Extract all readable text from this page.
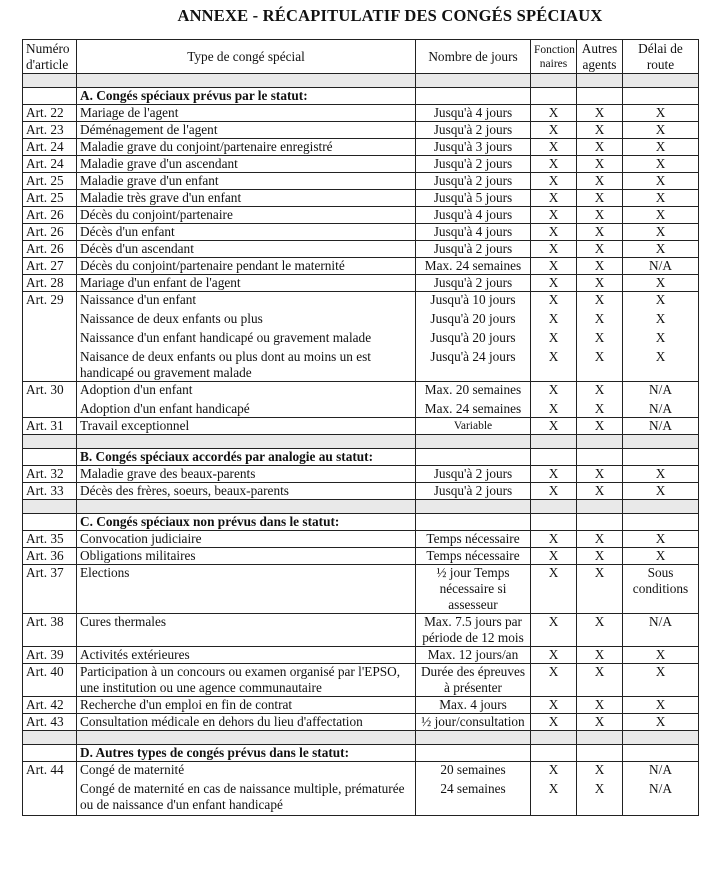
ANNEXE - RÉCAPITULATIF DES CONGÉS SPÉCIAUX
Numéro d'article	Type de congé spécial	Nombre de jours	Fonction naires	Autres agents	Délai de route

	A. Congés spéciaux prévus par le statut:				
Art. 22	Mariage de l'agent	Jusqu'à 4 jours	X	X	X
Art. 23	Déménagement de l'agent	Jusqu'à 2 jours	X	X	X
Art. 24	Maladie grave du conjoint/partenaire enregistré	Jusqu'à 3 jours	X	X	X
Art. 24	Maladie grave d'un ascendant	Jusqu'à 2 jours	X	X	X
Art. 25	Maladie grave d'un enfant	Jusqu'à 2 jours	X	X	X
Art. 25	Maladie très grave d'un enfant	Jusqu'à 5 jours	X	X	X
Art. 26	Décès du conjoint/partenaire	Jusqu'à 4 jours	X	X	X
Art. 26	Décès d'un enfant	Jusqu'à 4 jours	X	X	X
Art. 26	Décès d'un ascendant	Jusqu'à 2 jours	X	X	X
Art. 27	Décès du conjoint/partenaire pendant le maternité	Max. 24 semaines	X	X	N/A
Art. 28	Mariage d'un enfant de l'agent	Jusqu'à 2 jours	X	X	X
Art. 29	Naissance d'un enfant	Jusqu'à 10 jours	X	X	X
	Naissance de deux enfants ou plus	Jusqu'à 20 jours	X	X	X
	Naissance d'un enfant handicapé ou gravement malade	Jusqu'à 20 jours	X	X	X
	Naisance de deux enfants ou plus dont au moins un est handicapé ou gravement malade	Jusqu'à 24 jours	X	X	X
Art. 30	Adoption d'un enfant	Max. 20 semaines	X	X	N/A
	Adoption d'un enfant handicapé	Max. 24 semaines	X	X	N/A
Art. 31	Travail exceptionnel	Variable	X	X	N/A

	B. Congés spéciaux accordés par analogie au statut:				
Art. 32	Maladie grave des beaux-parents	Jusqu'à 2 jours	X	X	X
Art. 33	Décès des frères, soeurs, beaux-parents	Jusqu'à 2 jours	X	X	X

	C. Congés spéciaux non prévus dans le statut:				
Art. 35	Convocation judiciaire	Temps nécessaire	X	X	X
Art. 36	Obligations militaires	Temps nécessaire	X	X	X
Art. 37	Elections	½ jour Temps nécessaire si assesseur	X	X	Sous conditions
Art. 38	Cures thermales	Max. 7.5 jours par période de 12 mois	X	X	N/A
Art. 39	Activités extérieures	Max. 12 jours/an	X	X	X
Art. 40	Participation à un concours ou examen organisé par l'EPSO, une institution ou une agence communautaire	Durée des épreuves à présenter	X	X	X
Art. 42	Recherche d'un emploi en fin de contrat	Max. 4 jours	X	X	X
Art. 43	Consultation médicale en dehors du lieu d'affectation	½ jour/consultation	X	X	X

	D. Autres types de congés prévus dans le statut:				
Art. 44	Congé de maternité	20 semaines	X	X	N/A
	Congé de maternité en cas de naissance multiple, prématurée ou de naissance d'un enfant handicapé	24 semaines	X	X	N/A
